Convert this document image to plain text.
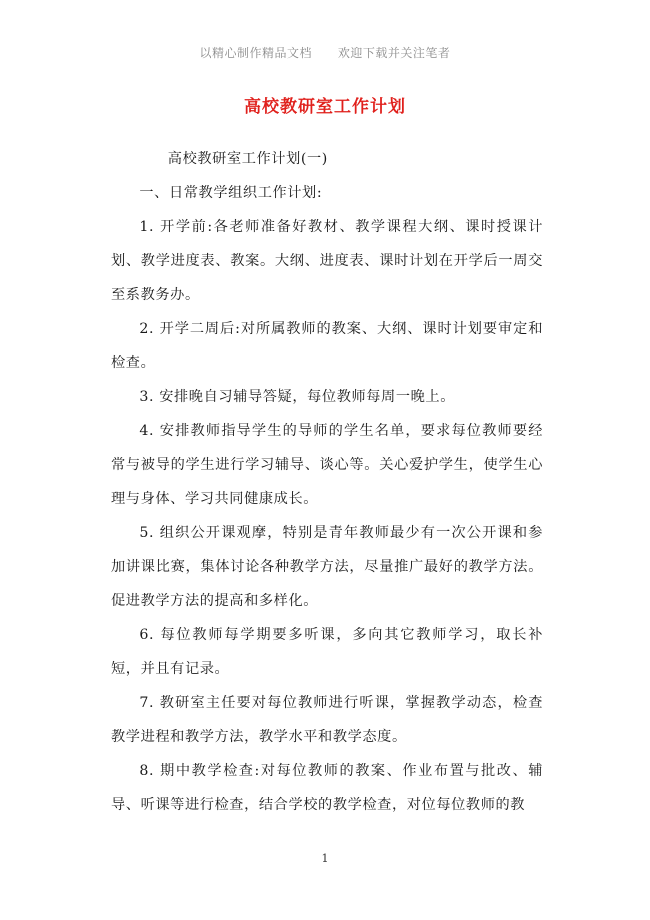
以精心制作精品文档      欢迎下载并关注笔者
高校教研室工作计划

高校教研室工作计划(一)

一、日常教学组织工作计划:

1. 开学前:各老师准备好教材、教学课程大纲、课时授课计划、教学进度表、教案。大纲、进度表、课时计划在开学后一周交至系教务办。

2. 开学二周后:对所属教师的教案、大纲、课时计划要审定和检查。

3. 安排晚自习辅导答疑，每位教师每周一晚上。

4. 安排教师指导学生的导师的学生名单，要求每位教师要经常与被导的学生进行学习辅导、谈心等。关心爱护学生，使学生心理与身体、学习共同健康成长。

5. 组织公开课观摩，特别是青年教师最少有一次公开课和参加讲课比赛，集体讨论各种教学方法，尽量推广最好的教学方法。促进教学方法的提高和多样化。

6. 每位教师每学期要多听课，多向其它教师学习，取长补短，并且有记录。

7. 教研室主任要对每位教师进行听课，掌握教学动态，检查教学进程和教学方法，教学水平和教学态度。

8. 期中教学检查:对每位教师的教案、作业布置与批改、辅导、听课等进行检查，结合学校的教学检查，对位每位教师的教

1
